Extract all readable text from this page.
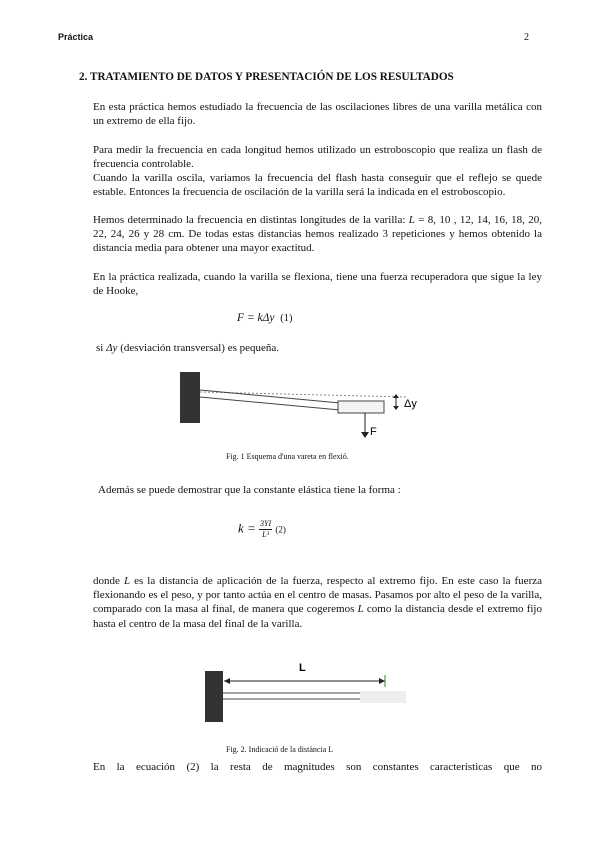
Práctica	2
2. TRATAMIENTO DE DATOS Y PRESENTACIÓN DE LOS RESULTADOS

En esta práctica hemos estudiado la frecuencia de las oscilaciones libres de una varilla metálica con un extremo de ella fijo.

Para medir la frecuencia en cada longitud hemos utilizado un estroboscopio que realiza un flash de frecuencia controlable.

Cuando la varilla oscila, variamos la frecuencia del flash hasta conseguir que el reflejo se quede estable. Entonces la frecuencia de oscilación de la varilla será la indicada en el estroboscopio.

Hemos determinado la frecuencia en distintas longitudes de la varilla: L = 8, 10 , 12, 14, 16, 18, 20, 22, 24, 26 y 28 cm. De todas estas distancias hemos realizado 3 repeticiones y hemos obtenido la distancia media para obtener una mayor exactitud.

En la práctica realizada, cuando la varilla se flexiona, tiene una fuerza recuperadora que sigue la ley de Hooke,

F = kΔy (1)

si Δy (desviación transversal) es pequeña.

Δy
F
Fig. 1 Esquema d'una vareta en flexió.

Además se puede demostrar que la constante elástica tiene la forma :

$k = \frac{3YI}{\text{L³}} (2)$

donde L es la distancia de aplicación de la fuerza, respecto al extremo fijo. En este caso la fuerza flexionando es el peso, y por tanto actúa en el centro de masas. Pasamos por alto el peso de la varilla, comparado con la masa al final, de manera que cogeremos L como la distancia desde el extremo fijo hasta el centro de la masa del final de la varilla.

L
Fig. 2. Indicació de la distància L

En la ecuación (2) la resta de magnitudes son constantes características que no
